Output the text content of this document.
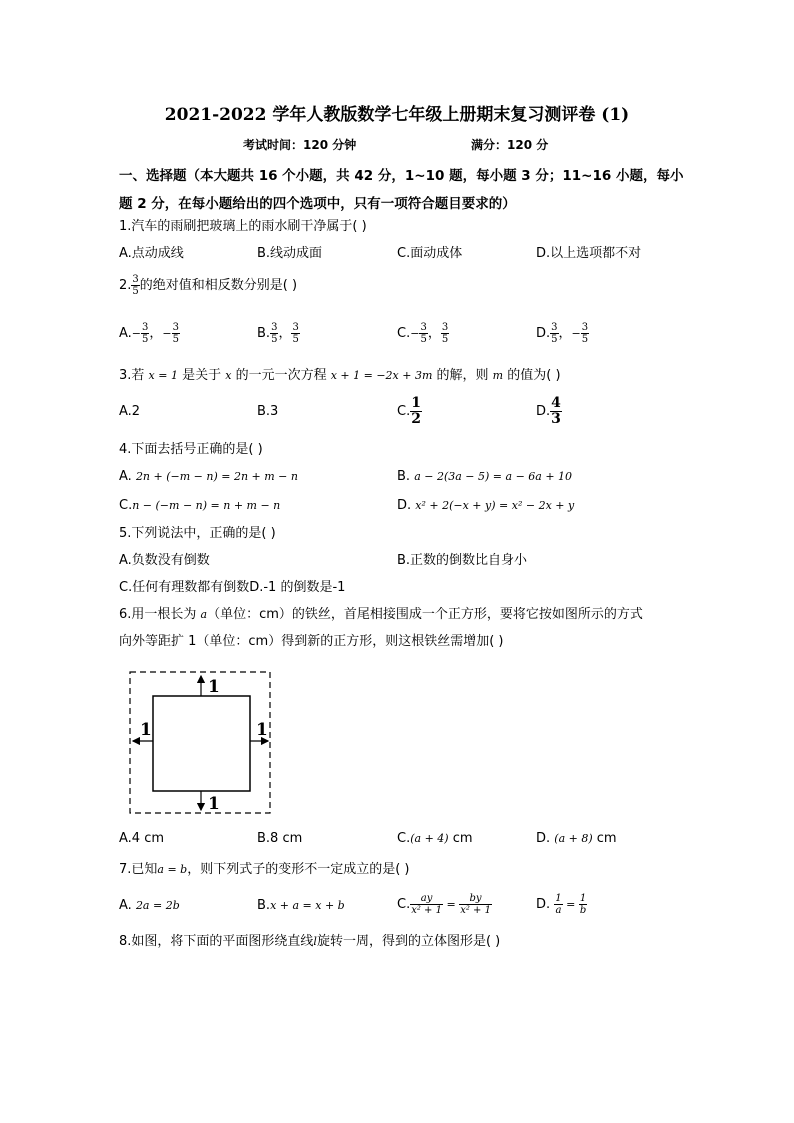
2021-2022 学年人教版数学七年级上册期末复习测评卷 (1)
考试时间：120 分钟	满分：120 分
一、选择题（本大题共 16 个小题，共 42 分，1~10 题，每小题 3 分；11~16 小题，每小
题 2 分，在每小题给出的四个选项中，只有一项符合题目要求的）
1.汽车的雨刷把玻璃上的雨水刷干净属于( )
A.点动成线	B.线动成面	C.面动成体	D.以上选项都不对
2. $\frac{3}{5}$ 的绝对值和相反数分别是( )
$A.- \frac{3}{5}$ ，− $\frac{3}{5}$	B. $\frac{3}{5}$ ， $\frac{3}{5}$	$C.- \frac{3}{5}$ ， $\frac{3}{5}$	D. $\frac{3}{5}$ ，− $\frac{3}{5}$
3.若 x = 1 是关于 x 的一元一次方程 x + 1 = −2x + 3m 的解，则 m 的值为( )
A.2	B.3	C. $\frac{1}{2}$	D. $\frac{4}{3}$
4.下面去括号正确的是( )
A. 2n + (−m − n) = 2n + m − n	B. a − 2(3a − 5) = a − 6a + 10
C.n − (−m − n) = n + m − n	D. x² + 2(−x + y) = x² − 2x + y
5.下列说法中，正确的是( )
A.负数没有倒数	B.正数的倒数比自身小
C.任何有理数都有倒数D.-1 的倒数是-1
6.用一根长为 a（单位：cm）的铁丝，首尾相接围成一个正方形，要将它按如图所示的方式
向外等距扩 1（单位：cm）得到新的正方形，则这根铁丝需增加( )
1
1
1	1
A.4 cm	B.8 cm	C.(a + 4) cm	D. (a + 8) cm
7.已知a = b，则下列式子的变形不一定成立的是( )
A. 2a = 2b	B.x + a = x + b	C. $\frac{ay}{\text{x² + 1}} = \frac{by}{\text{x² + 1}}$	D. $\frac{1}{a} = \frac{1}{b}$
8.如图，将下面的平面图形绕直线l旋转一周，得到的立体图形是( )
